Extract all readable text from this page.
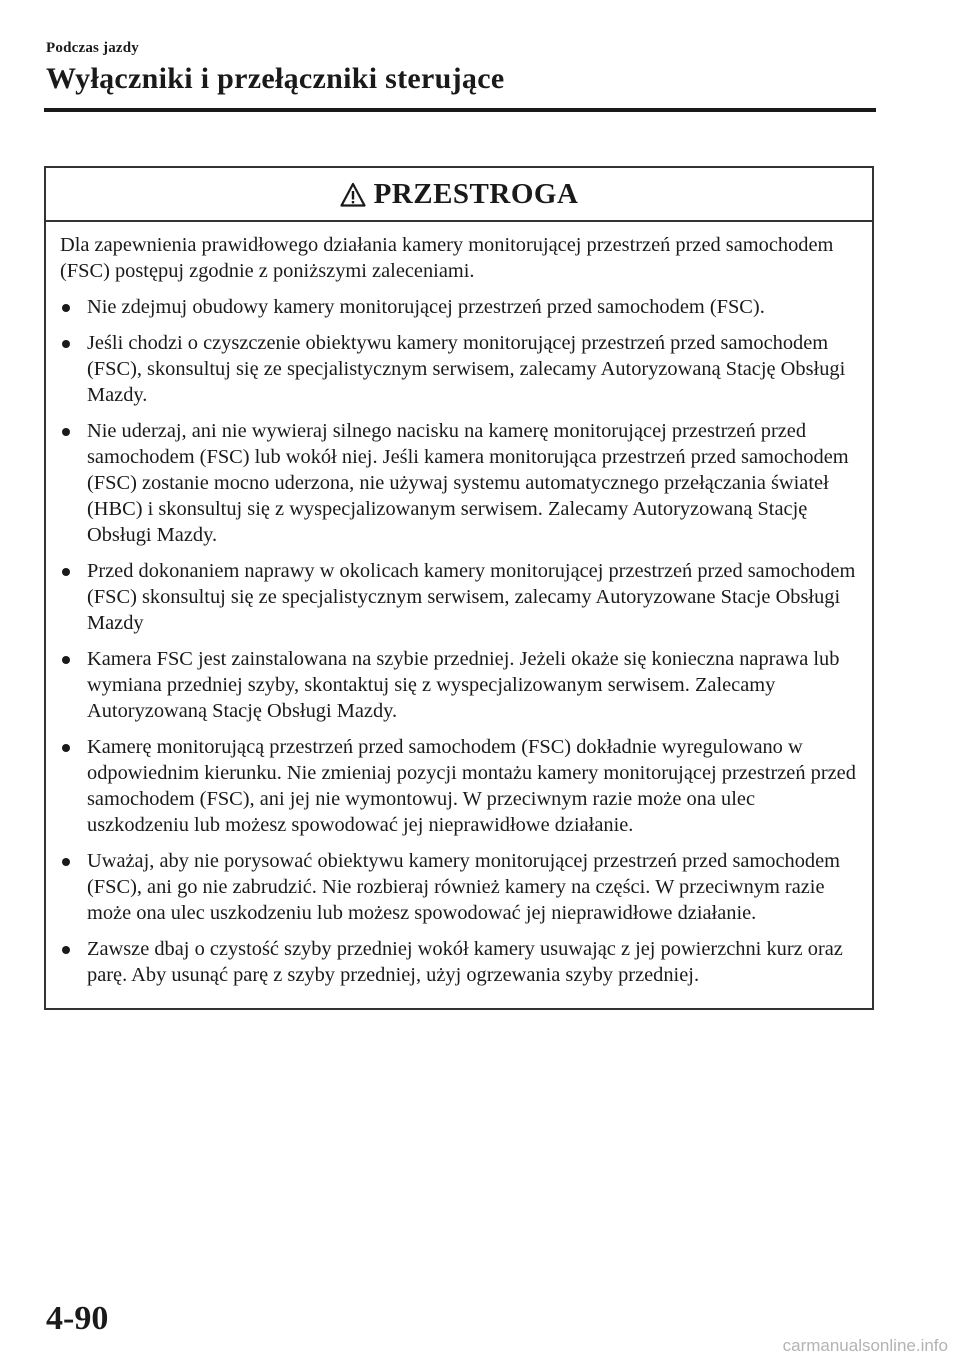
Podczas jazdy
Wyłączniki i przełączniki sterujące
PRZESTROGA

Dla zapewnienia prawidłowego działania kamery monitorującej przestrzeń przed samochodem (FSC) postępuj zgodnie z poniższymi zaleceniami.

Nie zdejmuj obudowy kamery monitorującej przestrzeń przed samochodem (FSC).
Jeśli chodzi o czyszczenie obiektywu kamery monitorującej przestrzeń przed samochodem (FSC), skonsultuj się ze specjalistycznym serwisem, zalecamy Autoryzowaną Stację Obsługi Mazdy.
Nie uderzaj, ani nie wywieraj silnego nacisku na kamerę monitorującej przestrzeń przed samochodem (FSC) lub wokół niej. Jeśli kamera monitorująca przestrzeń przed samochodem (FSC) zostanie mocno uderzona, nie używaj systemu automatycznego przełączania świateł (HBC) i skonsultuj się z wyspecjalizowanym serwisem. Zalecamy Autoryzowaną Stację Obsługi Mazdy.
Przed dokonaniem naprawy w okolicach kamery monitorującej przestrzeń przed samochodem (FSC) skonsultuj się ze specjalistycznym serwisem, zalecamy Autoryzowane Stacje Obsługi Mazdy
Kamera FSC jest zainstalowana na szybie przedniej. Jeżeli okaże się konieczna naprawa lub wymiana przedniej szyby, skontaktuj się z wyspecjalizowanym serwisem. Zalecamy Autoryzowaną Stację Obsługi Mazdy.
Kamerę monitorującą przestrzeń przed samochodem (FSC) dokładnie wyregulowano w odpowiednim kierunku. Nie zmieniaj pozycji montażu kamery monitorującej przestrzeń przed samochodem (FSC), ani jej nie wymontowuj. W przeciwnym razie może ona ulec uszkodzeniu lub możesz spowodować jej nieprawidłowe działanie.
Uważaj, aby nie porysować obiektywu kamery monitorującej przestrzeń przed samochodem (FSC), ani go nie zabrudzić. Nie rozbieraj również kamery na części. W przeciwnym razie może ona ulec uszkodzeniu lub możesz spowodować jej nieprawidłowe działanie.
Zawsze dbaj o czystość szyby przedniej wokół kamery usuwając z jej powierzchni kurz oraz parę. Aby usunąć parę z szyby przedniej, użyj ogrzewania szyby przedniej.
4-90
carmanualsonline.info
